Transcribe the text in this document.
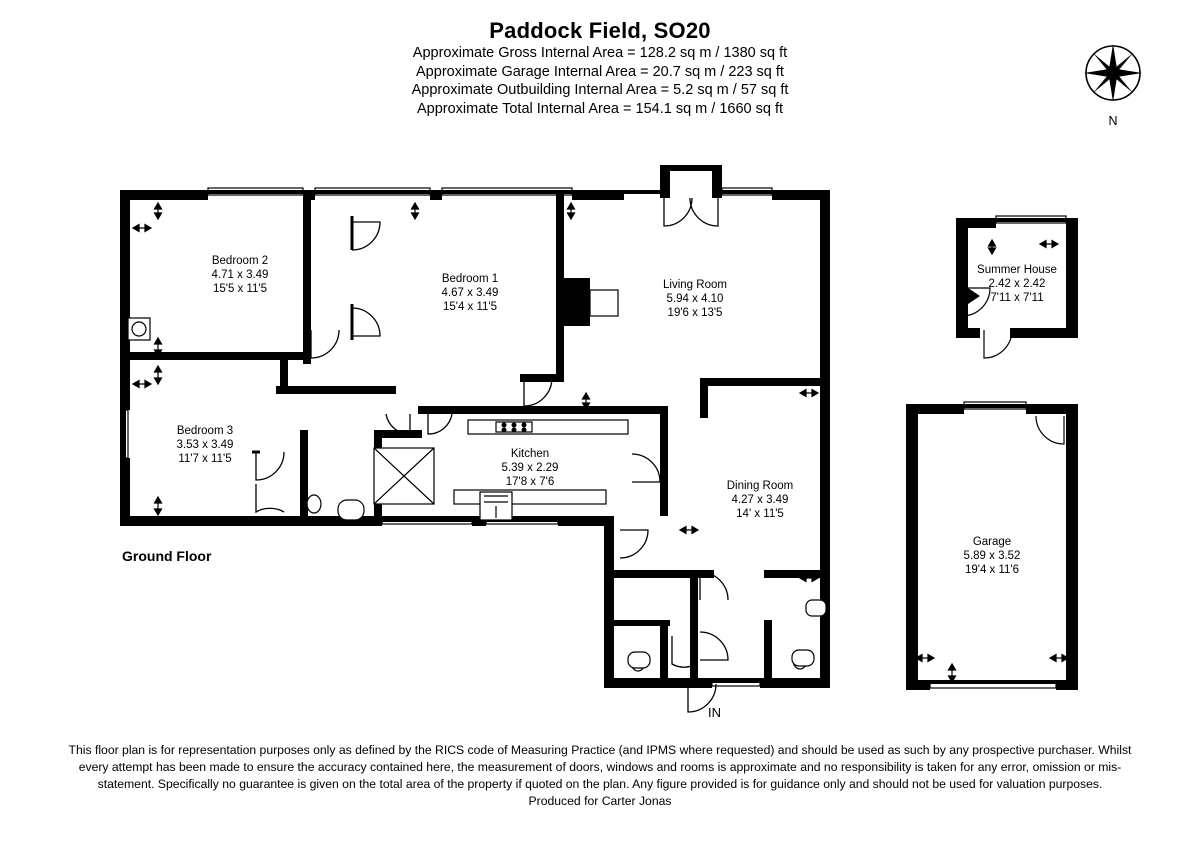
Paddock Field, SO20
Approximate Gross Internal Area = 128.2 sq m / 1380 sq ft
Approximate Garage Internal Area = 20.7 sq m / 223 sq ft
Approximate Outbuilding Internal Area = 5.2 sq m / 57 sq ft
Approximate Total Internal Area = 154.1 sq m / 1660 sq ft
N
Bedroom 2
4.71 x 3.49
15'5 x 11'5
Bedroom 1
4.67 x 3.49
15'4 x 11'5
Living Room
5.94 x 4.10
19'6 x 13'5
Bedroom 3
3.53 x 3.49
11'7 x 11'5	Kitchen
5.39 x 2.29
17'8 x 7'6	Dining Room
4.27 x 3.49
14' x 11'5
Summer House
2.42 x 2.42
7'11 x 7'11
Garage
5.89 x 3.52
19'4 x 11'6
Ground Floor
IN
This floor plan is for representation purposes only as defined by the RICS code of Measuring Practice (and IPMS where requested) and should be used as such by any prospective purchaser. Whilst every attempt has been made to ensure the accuracy contained here, the measurement of doors, windows and rooms is approximate and no responsibility is taken for any error, omission or mis-statement. Specifically no guarantee is given on the total area of the property if quoted on the plan. Any figure provided is for guidance only and should not be used for valuation purposes.
Produced for Carter Jonas
